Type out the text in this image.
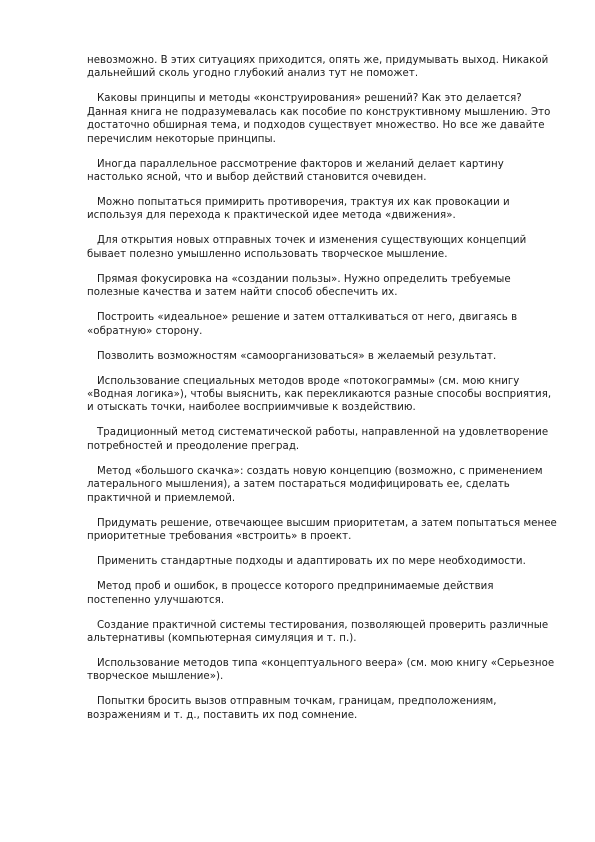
невозможно. В этих ситуациях приходится, опять же, придумывать выход. Никакой дальнейший сколь угодно глубокий анализ тут не поможет.

Каковы принципы и методы «конструирования» решений? Как это делается? Данная книга не подразумевалась как пособие по конструктивному мышлению. Это достаточно обширная тема, и подходов существует множество. Но все же давайте перечислим некоторые принципы.

Иногда параллельное рассмотрение факторов и желаний делает картину настолько ясной, что и выбор действий становится очевиден.

Можно попытаться примирить противоречия, трактуя их как провокации и используя для перехода к практической идее метода «движения».

Для открытия новых отправных точек и изменения существующих концепций бывает полезно умышленно использовать творческое мышление.

Прямая фокусировка на «создании пользы». Нужно определить требуемые полезные качества и затем найти способ обеспечить их.

Построить «идеальное» решение и затем отталкиваться от него, двигаясь в «обратную» сторону.

Позволить возможностям «самоорганизоваться» в желаемый результат.

Использование специальных методов вроде «потокограммы» (см. мою книгу «Водная логика»), чтобы выяснить, как перекликаются разные способы восприятия, и отыскать точки, наиболее восприимчивые к воздействию.

Традиционный метод систематической работы, направленной на удовлетворение потребностей и преодоление преград.

Метод «большого скачка»: создать новую концепцию (возможно, с применением латерального мышления), а затем постараться модифицировать ее, сделать практичной и приемлемой.

Придумать решение, отвечающее высшим приоритетам, а затем попытаться менее приоритетные требования «встроить» в проект.

Применить стандартные подходы и адаптировать их по мере необходимости.

Метод проб и ошибок, в процессе которого предпринимаемые действия постепенно улучшаются.

Создание практичной системы тестирования, позволяющей проверить различные альтернативы (компьютерная симуляция и т. п.).

Использование методов типа «концептуального веера» (см. мою книгу «Серьезное творческое мышление»).

Попытки бросить вызов отправным точкам, границам, предположениям, возражениям и т. д., поставить их под сомнение.
